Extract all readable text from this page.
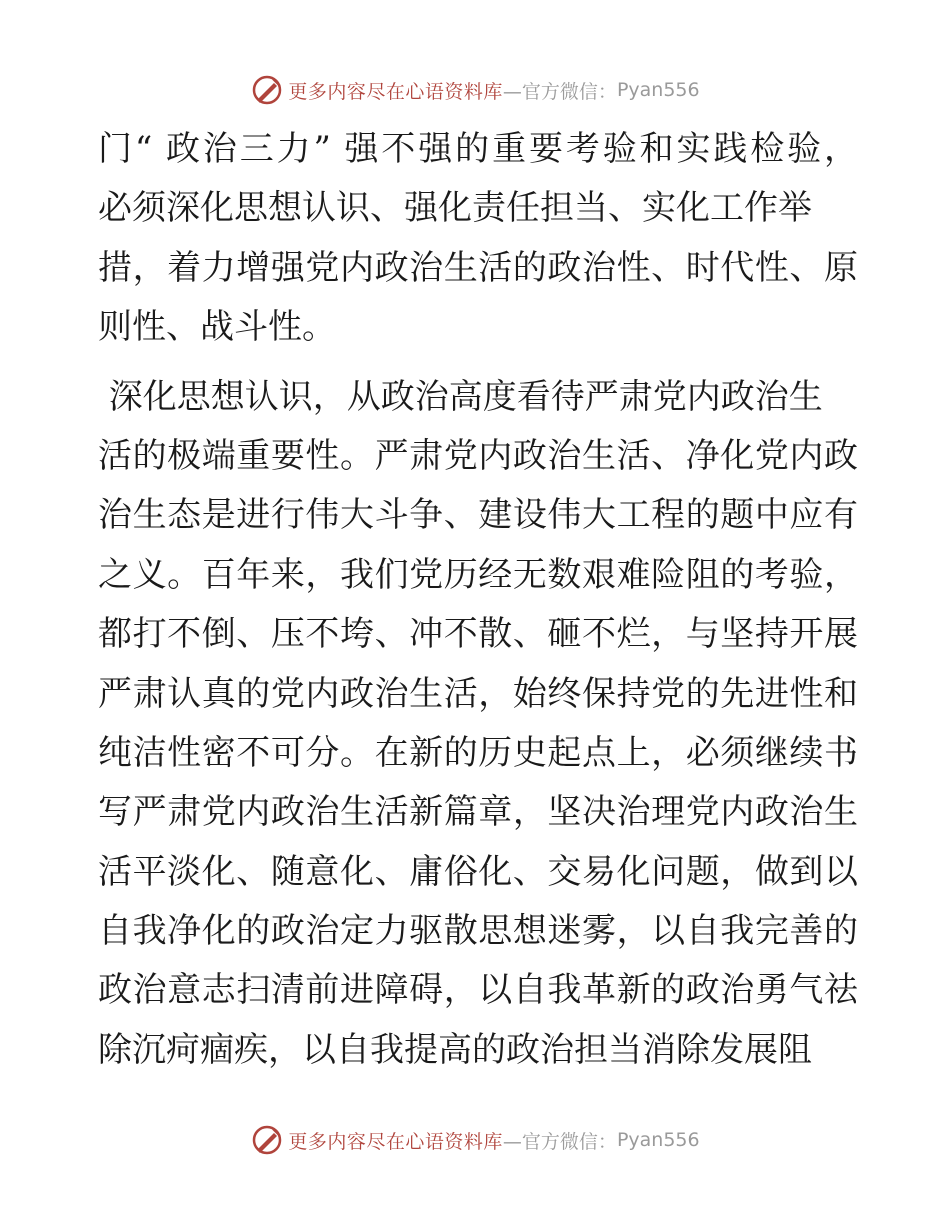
更多内容尽在心语资料库 —官方微信： Pyan556
门“ 政治三力” 强不强的重要考验和实践检验，
必须深化思想认识、强化责任担当、实化工作举
措，着力增强党内政治生活的政治性、时代性、原
则性、战斗性。
深化思想认识，从政治高度看待严肃党内政治生
活的极端重要性。严肃党内政治生活、净化党内政
治生态是进行伟大斗争、建设伟大工程的题中应有
之义。百年来，我们党历经无数艰难险阻的考验，
都打不倒、压不垮、冲不散、砸不烂，与坚持开展
严肃认真的党内政治生活，始终保持党的先进性和
纯洁性密不可分。在新的历史起点上，必须继续书
写严肃党内政治生活新篇章，坚决治理党内政治生
活平淡化、随意化、庸俗化、交易化问题，做到以
自我净化的政治定力驱散思想迷雾，以自我完善的
政治意志扫清前进障碍，以自我革新的政治勇气祛
除沉疴痼疾，以自我提高的政治担当消除发展阻
更多内容尽在心语资料库 —官方微信： Pyan556
